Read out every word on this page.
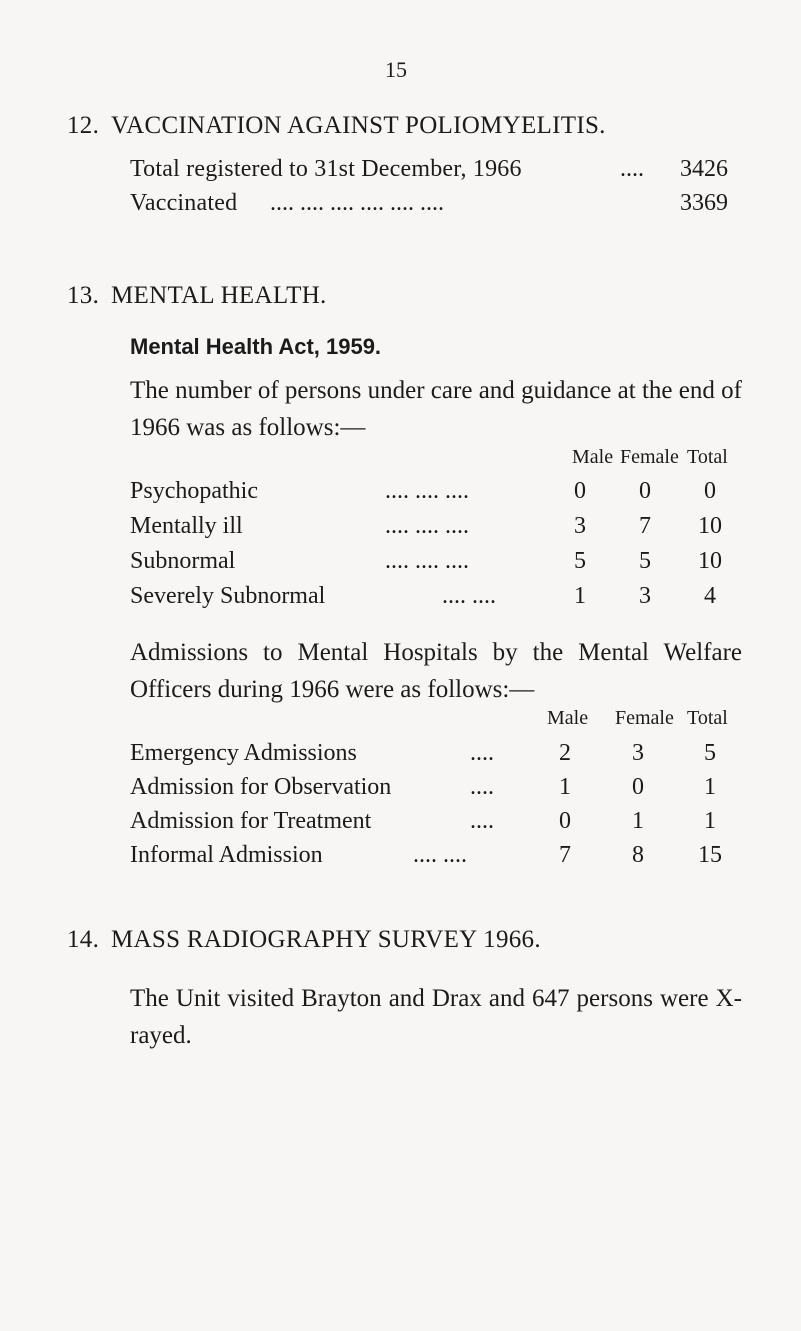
15
12. VACCINATION AGAINST POLIOMYELITIS.
Total registered to 31st December, 1966	.... 3426
Vaccinated .... .... .... .... .... ....	3369
13. MENTAL HEALTH.
Mental Health Act, 1959.
The number of persons under care and guidance at the end of 1966 was as follows:—
Male Female Total
Psychopathic	.... .... ....	0	0	0
Mentally ill	.... .... ....	3	7	10
Subnormal	.... .... ....	5	5	10
Severely Subnormal	.... ....	1	3	4
Admissions to Mental Hospitals by the Mental Welfare Officers during 1966 were as follows:—
Male Female Total
Emergency Admissions	....	2	3	5
Admission for Observation	....	1	0	1
Admission for Treatment	....	0	1	1
Informal Admission	.... ....	7	8	15
14. MASS RADIOGRAPHY SURVEY 1966.
The Unit visited Brayton and Drax and 647 persons were X-rayed.
